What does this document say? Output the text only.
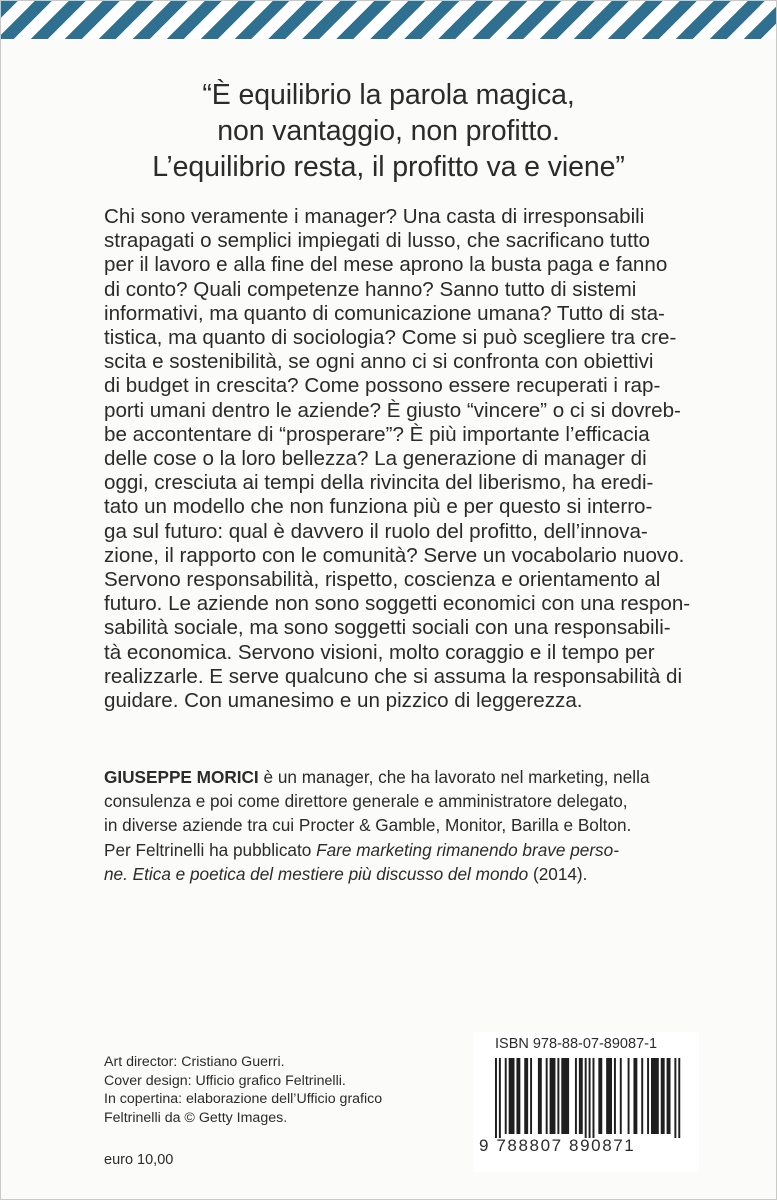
“È equilibrio la parola magica,
non vantaggio, non profitto.
L’equilibrio resta, il profitto va e viene”
Chi sono veramente i manager? Una casta di irresponsabili
strapagati o semplici impiegati di lusso, che sacrificano tutto
per il lavoro e alla fine del mese aprono la busta paga e fanno
di conto? Quali competenze hanno? Sanno tutto di sistemi
informativi, ma quanto di comunicazione umana? Tutto di sta-
tistica, ma quanto di sociologia? Come si può scegliere tra cre-
scita e sostenibilità, se ogni anno ci si confronta con obiettivi
di budget in crescita? Come possono essere recuperati i rap-
porti umani dentro le aziende? È giusto “vincere” o ci si dovreb-
be accontentare di “prosperare”? È più importante l’efficacia
delle cose o la loro bellezza? La generazione di manager di
oggi, cresciuta ai tempi della rivincita del liberismo, ha eredi-
tato un modello che non funziona più e per questo si interro-
ga sul futuro: qual è davvero il ruolo del profitto, dell’innova-
zione, il rapporto con le comunità? Serve un vocabolario nuovo.
Servono responsabilità, rispetto, coscienza e orientamento al
futuro. Le aziende non sono soggetti economici con una respon-
sabilità sociale, ma sono soggetti sociali con una responsabili-
tà economica. Servono visioni, molto coraggio e il tempo per
realizzarle. E serve qualcuno che si assuma la responsabilità di
guidare. Con umanesimo e un pizzico di leggerezza.
GIUSEPPE MORICI è un manager, che ha lavorato nel marketing, nella
consulenza e poi come direttore generale e amministratore delegato,
in diverse aziende tra cui Procter & Gamble, Monitor, Barilla e Bolton.
Per Feltrinelli ha pubblicato Fare marketing rimanendo brave perso-
ne. Etica e poetica del mestiere più discusso del mondo (2014).
Art director: Cristiano Guerri.
Cover design: Ufficio grafico Feltrinelli.
In copertina: elaborazione dell’Ufficio grafico
Feltrinelli da © Getty Images.
euro 10,00
ISBN 978-88-07-89087-1
9 788807 890871
